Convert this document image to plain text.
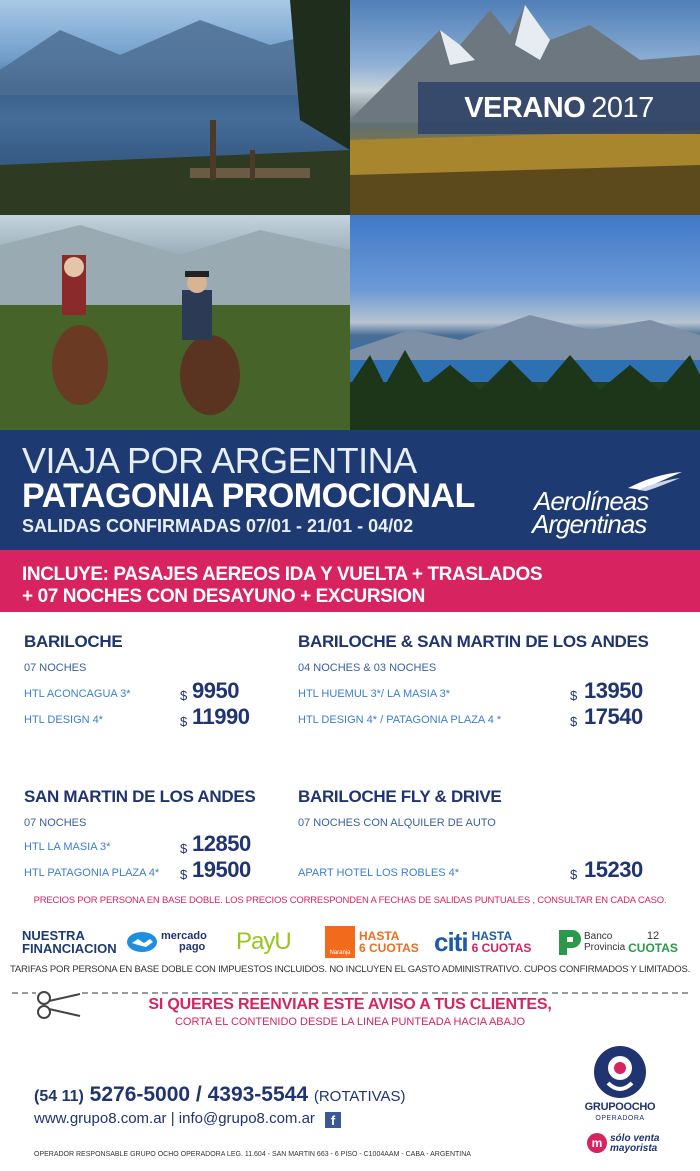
VERANO 2017
VIAJA POR ARGENTINA
PATAGONIA PROMOCIONAL
SALIDAS CONFIRMADAS 07/01 - 21/01 - 04/02
Aerolíneas
Argentinas
INCLUYE: PASAJES AEREOS IDA Y VUELTA + TRASLADOS
+ 07 NOCHES CON DESAYUNO + EXCURSION
BARILOCHE
07 NOCHES
HTL ACONCAGUA 3*	$ 9950
HTL DESIGN 4*	$ 11990
BARILOCHE & SAN MARTIN DE LOS ANDES
04 NOCHES & 03 NOCHES
HTL HUEMUL 3*/ LA MASIA 3*	$ 13950
HTL DESIGN 4* / PATAGONIA PLAZA 4 *	$ 17540
SAN MARTIN DE LOS ANDES
07 NOCHES
HTL LA MASIA 3*	$ 12850
HTL PATAGONIA PLAZA 4* $ 19500
BARILOCHE FLY & DRIVE
07 NOCHES CON ALQUILER DE AUTO
APART HOTEL LOS ROBLES 4*	$ 15230
PRECIOS POR PERSONA EN BASE DOBLE. LOS PRECIOS CORRESPONDEN A FECHAS DE SALIDAS PUNTUALES , CONSULTAR EN CADA CASO.
NUESTRA
FINANCIACION
mercado
pago PayU	Naranja
HASTA
6 CUOTAS citi HASTA
6 CUOTAS
Banco
Provincia
12
CUOTAS
TARIFAS POR PERSONA EN BASE DOBLE CON IMPUESTOS INCLUIDOS. NO INCLUYEN EL GASTO ADMINISTRATIVO. CUPOS CONFIRMADOS Y LIMITADOS.
SI QUERES REENVIAR ESTE AVISO A TUS CLIENTES,
CORTA EL CONTENIDO DESDE LA LINEA PUNTEADA HACIA ABAJO
(54 11) 5276-5000 / 4393-5544 (ROTATIVAS)
www.grupo8.com.ar | info@grupo8.com.ar f
OPERADOR RESPONSABLE GRUPO OCHO OPERADORA LEG. 11.604 - SAN MARTIN 663 - 6 PISO - C1004AAM - CABA - ARGENTINA
GRUPOOCHO
OPERADORA
m sólo venta
mayorista
